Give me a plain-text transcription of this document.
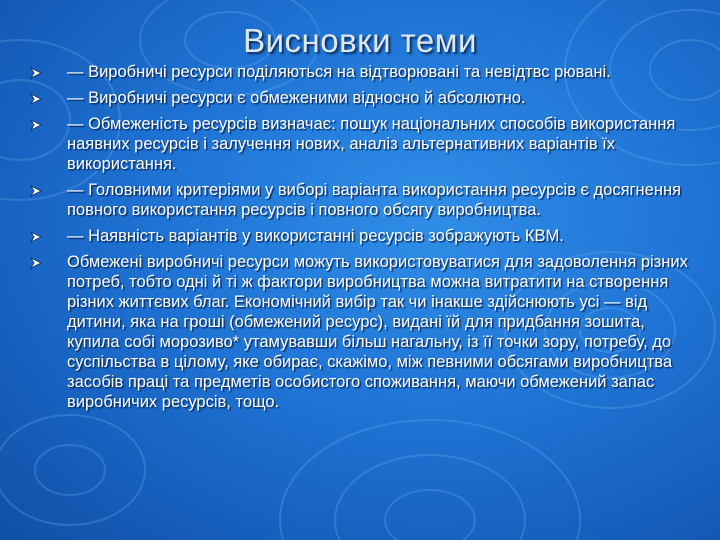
Висновки теми
— Виробничі ресурси поділяються на відтворювані та невідтвс рювані.
— Виробничі ресурси є обмеженими відносно й абсолютно.
— Обмеженість ресурсів визначає: пошук національних способів використання наявних ресурсів і залучення нових, аналіз альтернативних варіантів їх використання.
— Головними критеріями у виборі варіанта використання ресурсів є досягнення повного використання ресурсів і повного обсягу виробництва.
— Наявність варіантів у використанні ресурсів зображують КВМ.
Обмежені виробничі ресурси можуть використовуватися для задоволення різних потреб, тобто одні й ті ж фактори виробництва можна витратити на створення різних життєвих благ. Економічний вибір так чи інакше здійснюють усі — від дитини, яка на гроші (обмежений ресурс), видані їй для придбання зошита, купила собі морозиво* утамувавши більш нагальну, із її точки зору, потребу, до суспільства в цілому, яке обирає, скажімо, між певними обсягами виробництва засобів праці та предметів особистого споживання, маючи обмежений запас виробничих ресурсів, тощо.
